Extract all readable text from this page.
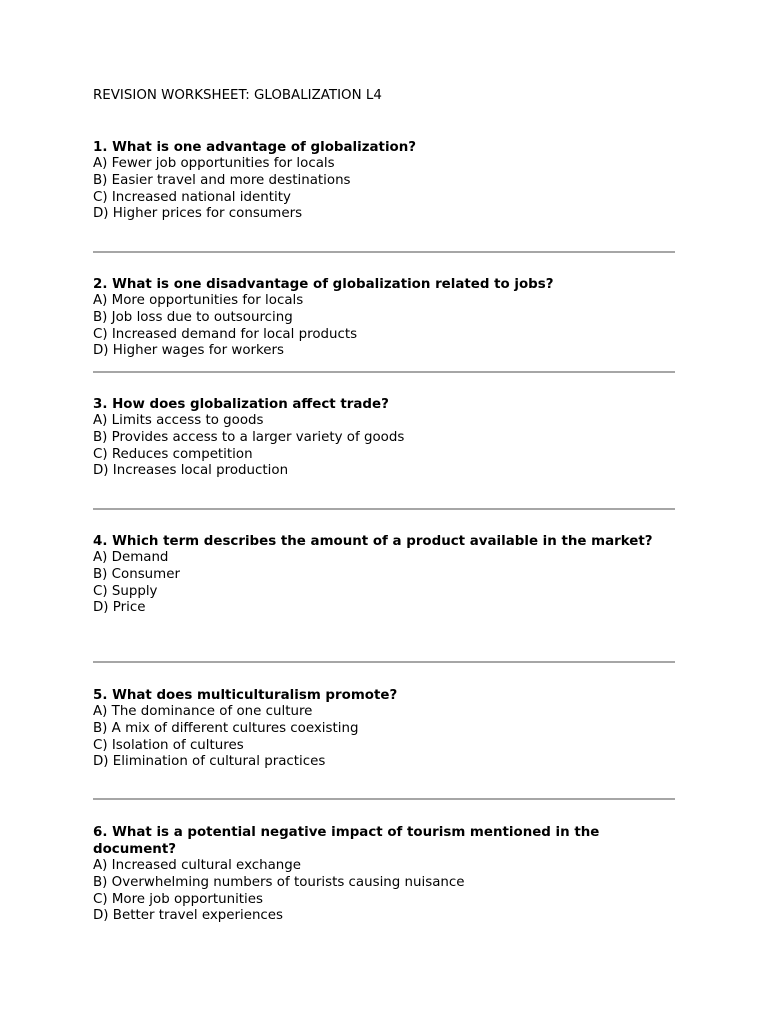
REVISION WORKSHEET: GLOBALIZATION L4
1. What is one advantage of globalization?
A) Fewer job opportunities for locals
B) Easier travel and more destinations
C) Increased national identity
D) Higher prices for consumers
2. What is one disadvantage of globalization related to jobs?
A) More opportunities for locals
B) Job loss due to outsourcing
C) Increased demand for local products
D) Higher wages for workers
3. How does globalization affect trade?
A) Limits access to goods
B) Provides access to a larger variety of goods
C) Reduces competition
D) Increases local production
4. Which term describes the amount of a product available in the market?
A) Demand
B) Consumer
C) Supply
D) Price
5. What does multiculturalism promote?
A) The dominance of one culture
B) A mix of different cultures coexisting
C) Isolation of cultures
D) Elimination of cultural practices
6. What is a potential negative impact of tourism mentioned in the document?
A) Increased cultural exchange
B) Overwhelming numbers of tourists causing nuisance
C) More job opportunities
D) Better travel experiences
